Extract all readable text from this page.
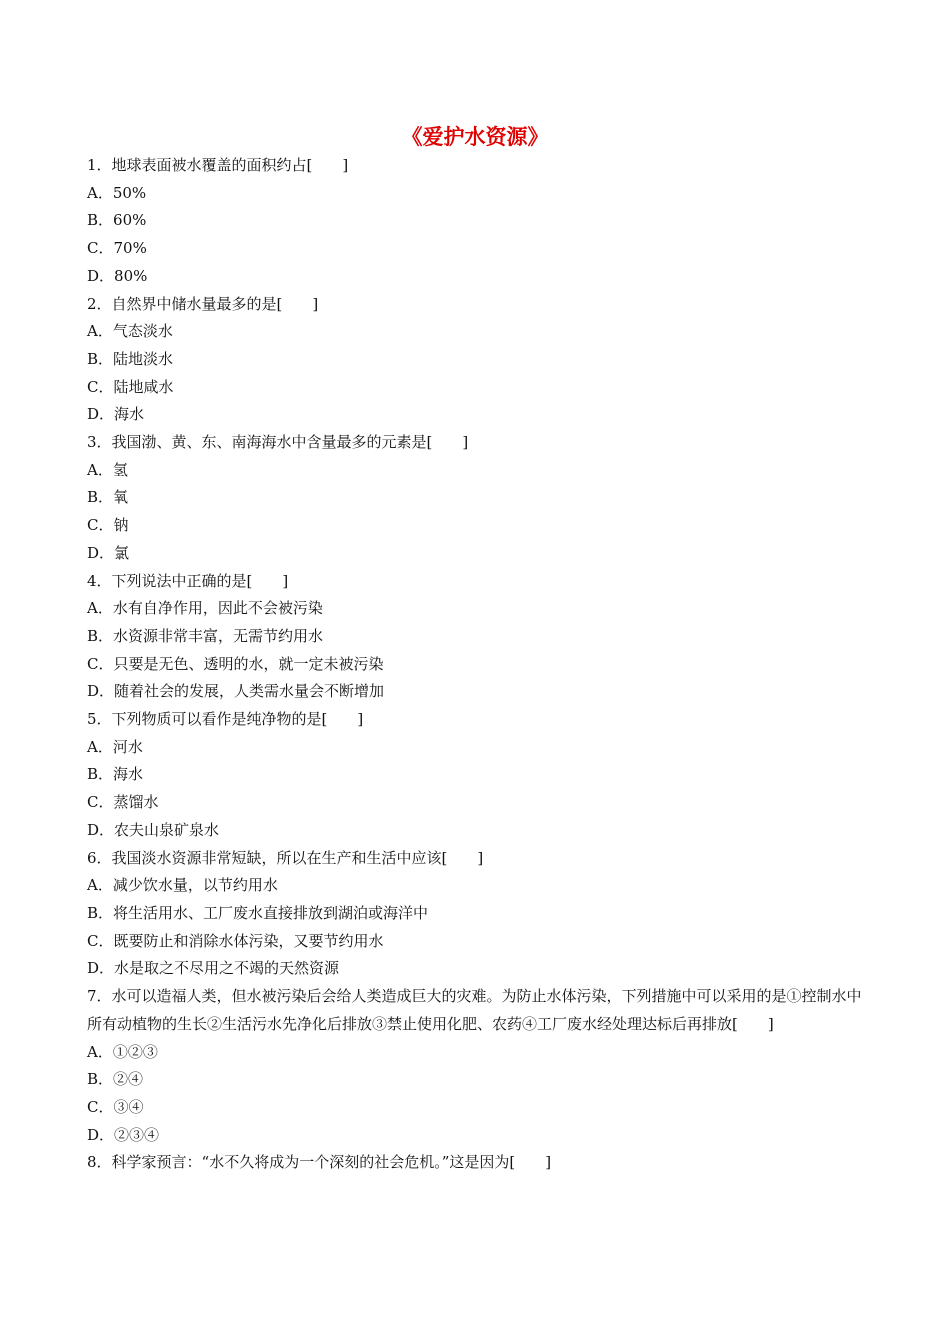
《爱护水资源》

1．地球表面被水覆盖的面积约占[　　]

A．50%

B．60%

C．70%

D．80%

2．自然界中储水量最多的是[　　]

A．气态淡水

B．陆地淡水

C．陆地咸水

D．海水

3．我国渤、黄、东、南海海水中含量最多的元素是[　　]

A．氢

B．氧

C．钠

D．氯

4．下列说法中正确的是[　　]

A．水有自净作用，因此不会被污染

B．水资源非常丰富，无需节约用水

C．只要是无色、透明的水，就一定未被污染

D．随着社会的发展，人类需水量会不断增加

5．下列物质可以看作是纯净物的是[　　]

A．河水

B．海水

C．蒸馏水

D．农夫山泉矿泉水

6．我国淡水资源非常短缺，所以在生产和生活中应该[　　]

A．减少饮水量，以节约用水

B．将生活用水、工厂废水直接排放到湖泊或海洋中

C．既要防止和消除水体污染，又要节约用水

D．水是取之不尽用之不竭的天然资源

7．水可以造福人类，但水被污染后会给人类造成巨大的灾难。为防止水体污染，下列措施中可以采用的是①控制水中所有动植物的生长②生活污水先净化后排放③禁止使用化肥、农药④工厂废水经处理达标后再排放[　　]

A．①②③

B．②④

C．③④

D．②③④

8．科学家预言：“水不久将成为一个深刻的社会危机。”这是因为[　　]
